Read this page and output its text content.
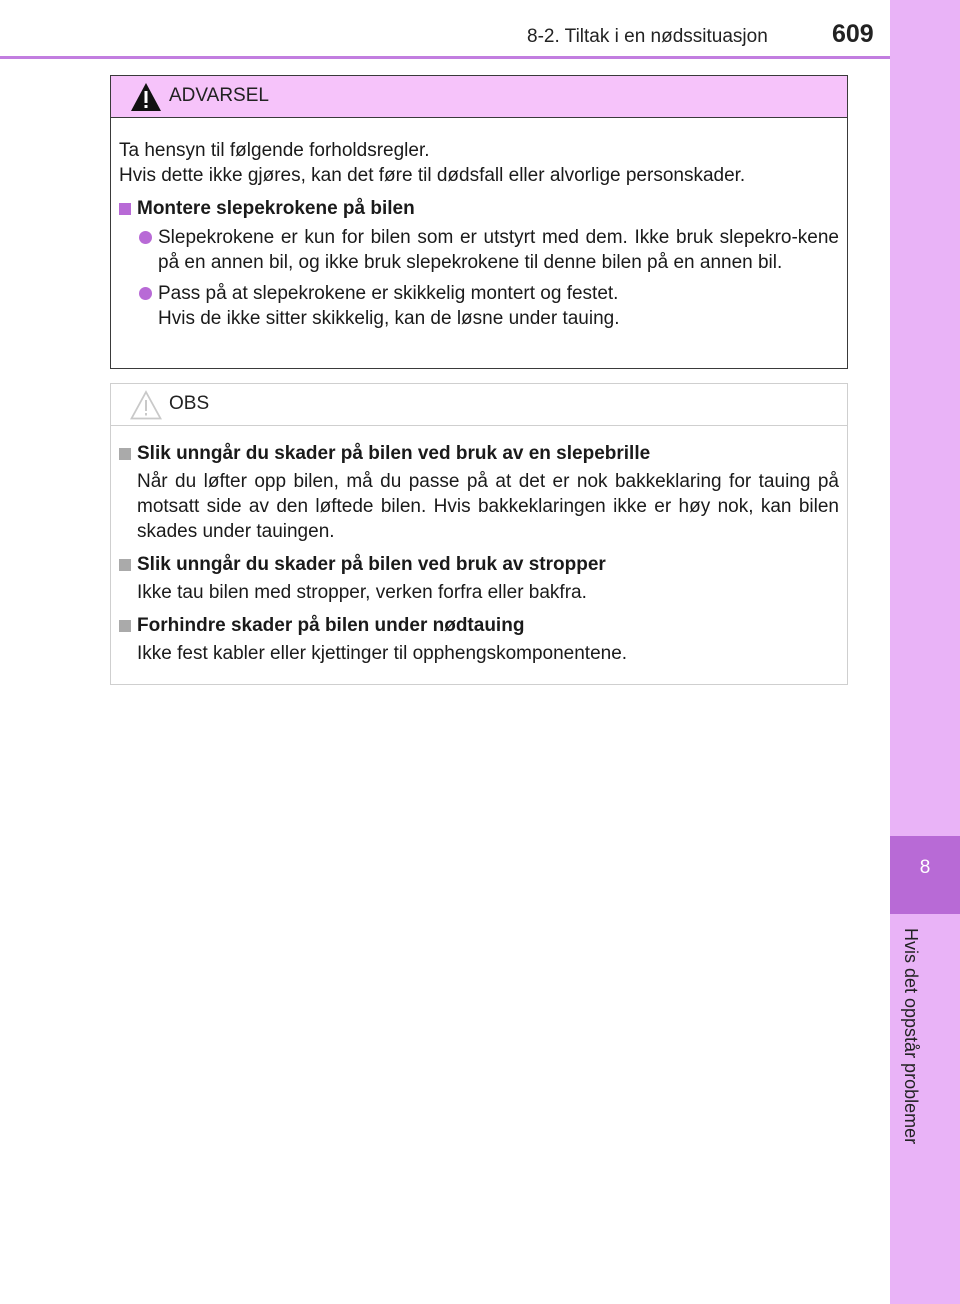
8-2. Tiltak i en nødssituasjon	609
8
Hvis det oppstår problemer
ADVARSEL

Ta hensyn til følgende forholdsregler.
Hvis dette ikke gjøres, kan det føre til dødsfall eller alvorlige personskader.

Montere slepekrokene på bilen
Slepekrokene er kun for bilen som er utstyrt med dem. Ikke bruk slepekro-kene på en annen bil, og ikke bruk slepekrokene til denne bilen på en annen bil.
Pass på at slepekrokene er skikkelig montert og festet.
Hvis de ikke sitter skikkelig, kan de løsne under tauing.
OBS
Slik unngår du skader på bilen ved bruk av en slepebrille
Når du løfter opp bilen, må du passe på at det er nok bakkeklaring for tauing på motsatt side av den løftede bilen. Hvis bakkeklaringen ikke er høy nok, kan bilen skades under tauingen.
Slik unngår du skader på bilen ved bruk av stropper
Ikke tau bilen med stropper, verken forfra eller bakfra.
Forhindre skader på bilen under nødtauing
Ikke fest kabler eller kjettinger til opphengskomponentene.
